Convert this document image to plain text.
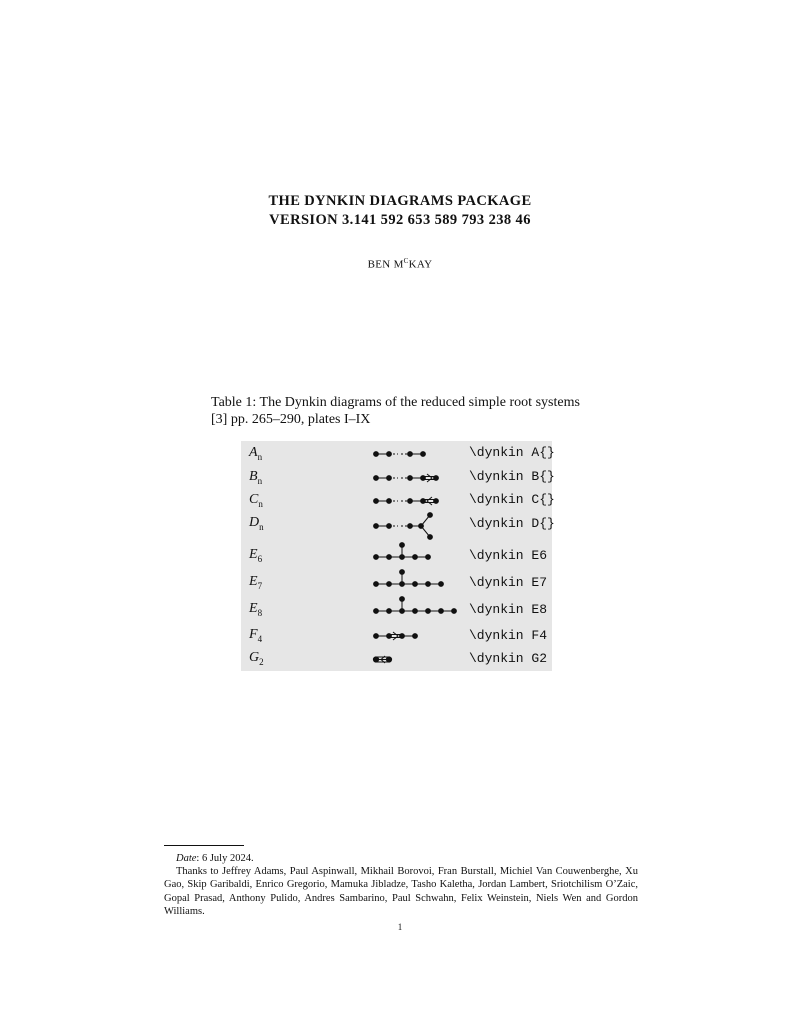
THE DYNKIN DIAGRAMS PACKAGE
VERSION 3.141 592 653 589 793 238 46
BEN $M^CKAY$
Table 1: The Dynkin diagrams of the reduced simple root systems
[3] pp. 265–290, plates I–IX
$A_n$	\dynkin A{}
$B_n$	\dynkin B{}
$C_n$	\dynkin C{}
$D_n$	\dynkin D{}
$E_6$	\dynkin E6
$E_7$	\dynkin E7
$E_8$	\dynkin E8
$F_4$	\dynkin F4
$G_2$	\dynkin G2
Date: 6 July 2024.
Thanks to Jeffrey Adams, Paul Aspinwall, Mikhail Borovoi, Fran Burstall, Michiel Van Couwenberghe, Xu Gao, Skip Garibaldi, Enrico Gregorio, Mamuka Jibladze, Tasho Kaletha, Jordan Lambert, Sriotchilism O’Zaic, Gopal Prasad, Anthony Pulido, Andres Sambarino, Paul Schwahn, Felix Weinstein, Niels Wen and Gordon Williams.
1
